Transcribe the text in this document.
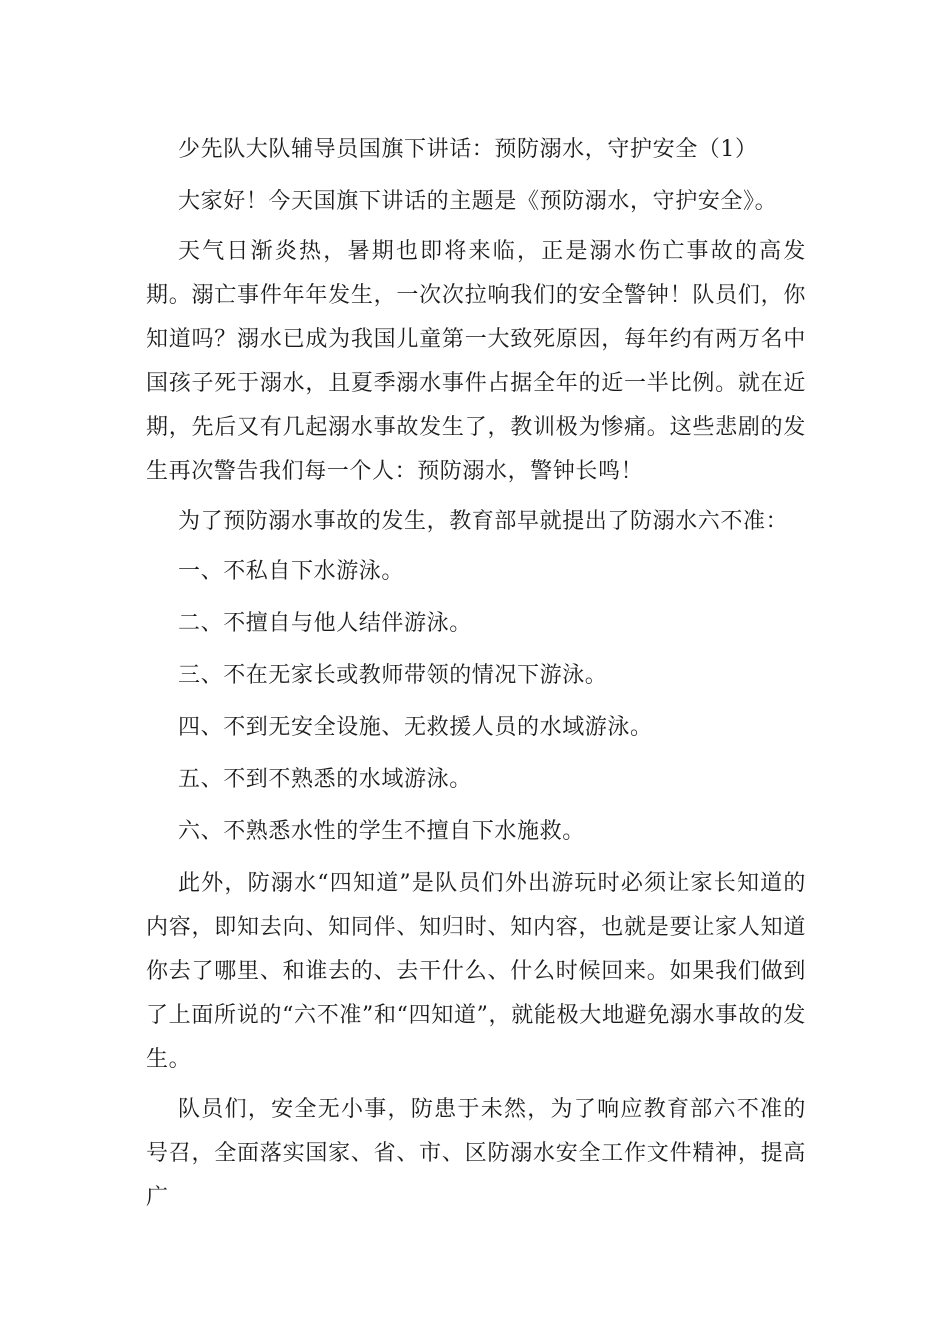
少先队大队辅导员国旗下讲话：预防溺水，守护安全（1）

大家好！今天国旗下讲话的主题是《预防溺水，守护安全》。

天气日渐炎热，暑期也即将来临，正是溺水伤亡事故的高发期。溺亡事件年年发生，一次次拉响我们的安全警钟！队员们，你知道吗？溺水已成为我国儿童第一大致死原因，每年约有两万名中国孩子死于溺水，且夏季溺水事件占据全年的近一半比例。就在近期，先后又有几起溺水事故发生了，教训极为惨痛。这些悲剧的发生再次警告我们每一个人：预防溺水，警钟长鸣！

为了预防溺水事故的发生，教育部早就提出了防溺水六不准：

一、不私自下水游泳。

二、不擅自与他人结伴游泳。

三、不在无家长或教师带领的情况下游泳。

四、不到无安全设施、无救援人员的水域游泳。

五、不到不熟悉的水域游泳。

六、不熟悉水性的学生不擅自下水施救。

此外，防溺水“四知道”是队员们外出游玩时必须让家长知道的内容，即知去向、知同伴、知归时、知内容，也就是要让家人知道你去了哪里、和谁去的、去干什么、什么时候回来。如果我们做到了上面所说的“六不准”和“四知道”，就能极大地避免溺水事故的发生。

队员们，安全无小事，防患于未然，为了响应教育部六不准的号召，全面落实国家、省、市、区防溺水安全工作文件精神，提高广
